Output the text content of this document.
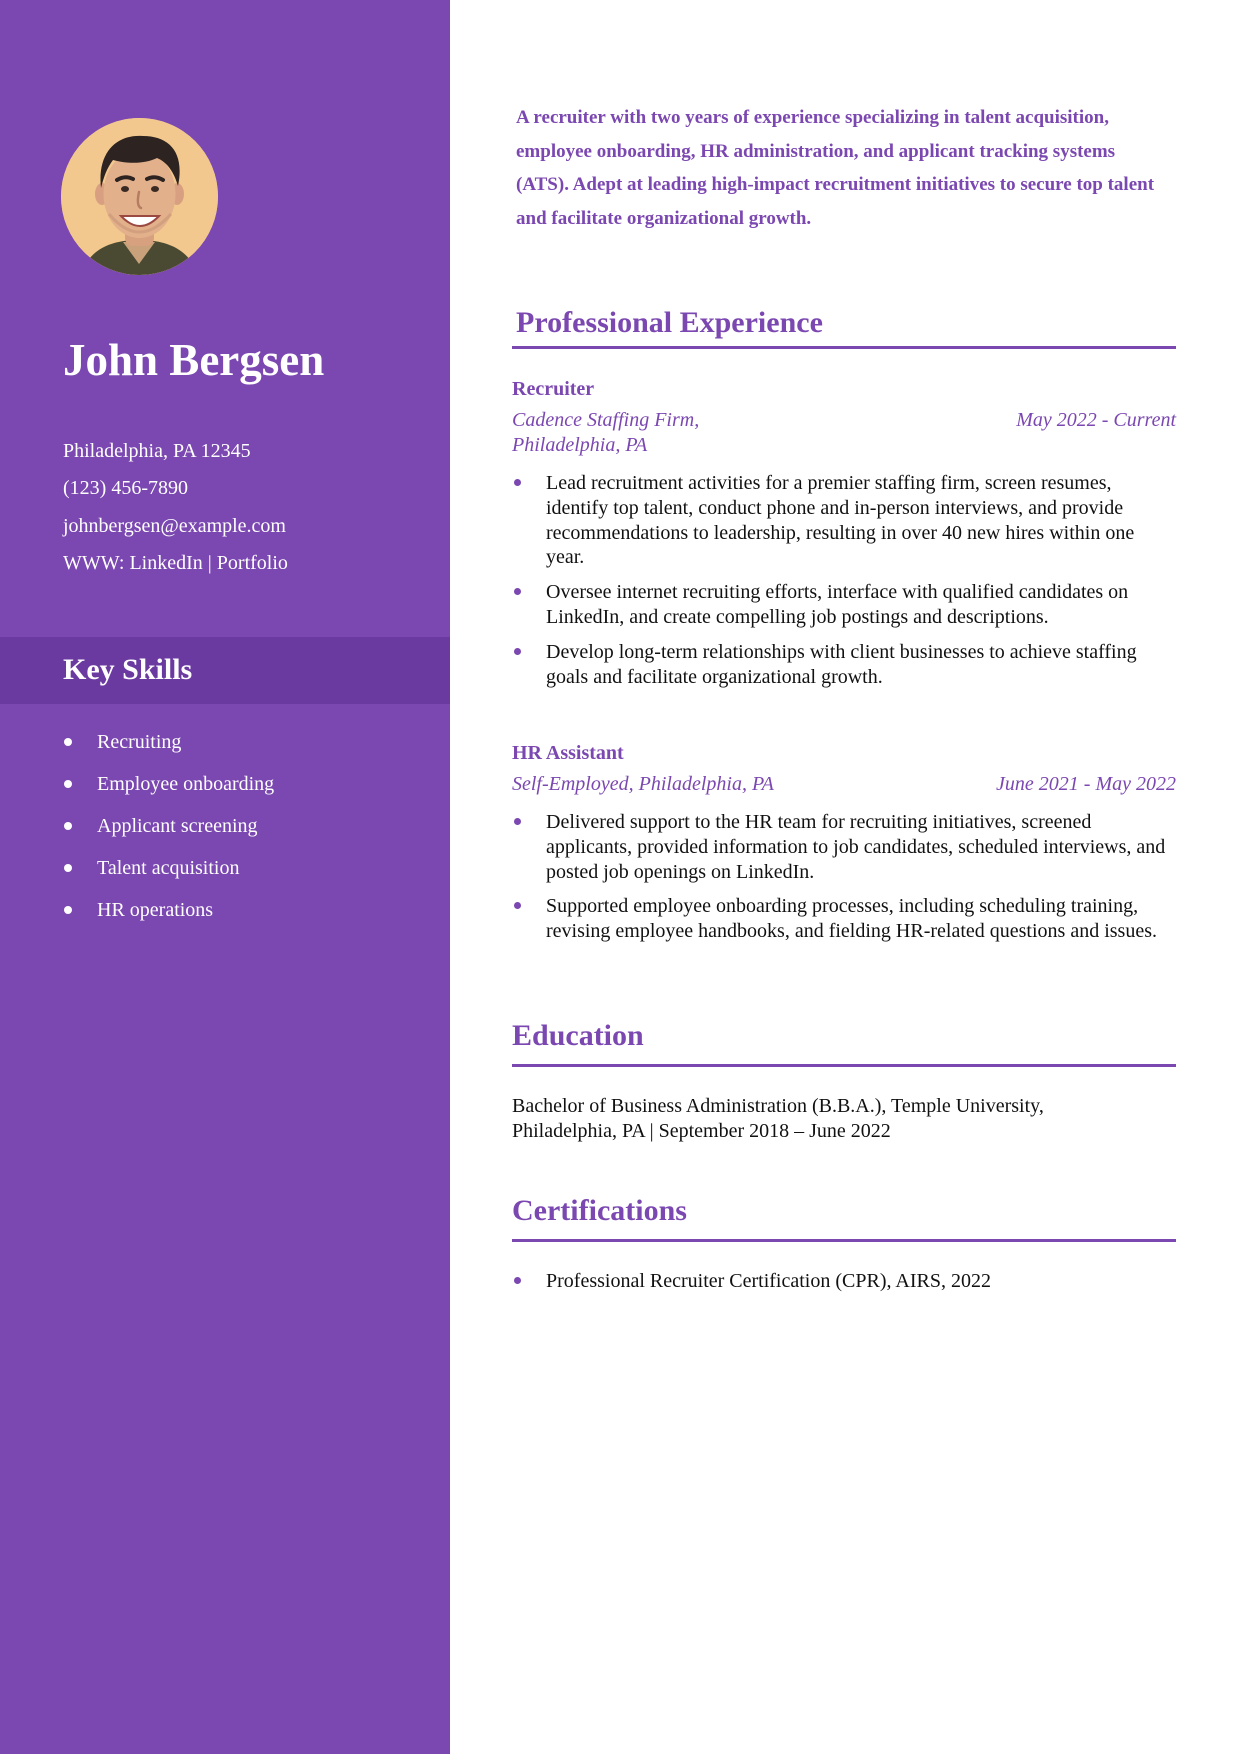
John Bergsen
Philadelphia, PA 12345
(123) 456-7890
johnbergsen@example.com
WWW: LinkedIn | Portfolio
Key Skills
Recruiting
Employee onboarding
Applicant screening
Talent acquisition
HR operations

A recruiter with two years of experience specializing in talent acquisition, employee onboarding, HR administration, and applicant tracking systems (ATS). Adept at leading high-impact recruitment initiatives to secure top talent and facilitate organizational growth.

Professional Experience
Recruiter
Cadence Staffing Firm,
Philadelphia, PA
May 2022 - Current
Lead recruitment activities for a premier staffing firm, screen resumes, identify top talent, conduct phone and in-person interviews, and provide recommendations to leadership, resulting in over 40 new hires within one year.
Oversee internet recruiting efforts, interface with qualified candidates on LinkedIn, and create compelling job postings and descriptions.
Develop long-term relationships with client businesses to achieve staffing goals and facilitate organizational growth.
HR Assistant
Self-Employed, Philadelphia, PA	June 2021 - May 2022
Delivered support to the HR team for recruiting initiatives, screened applicants, provided information to job candidates, scheduled interviews, and posted job openings on LinkedIn.
Supported employee onboarding processes, including scheduling training, revising employee handbooks, and fielding HR-related questions and issues.
Education

Bachelor of Business Administration (B.B.A.), Temple University,
Philadelphia, PA | September 2018 – June 2022

Certifications
Professional Recruiter Certification (CPR), AIRS, 2022
